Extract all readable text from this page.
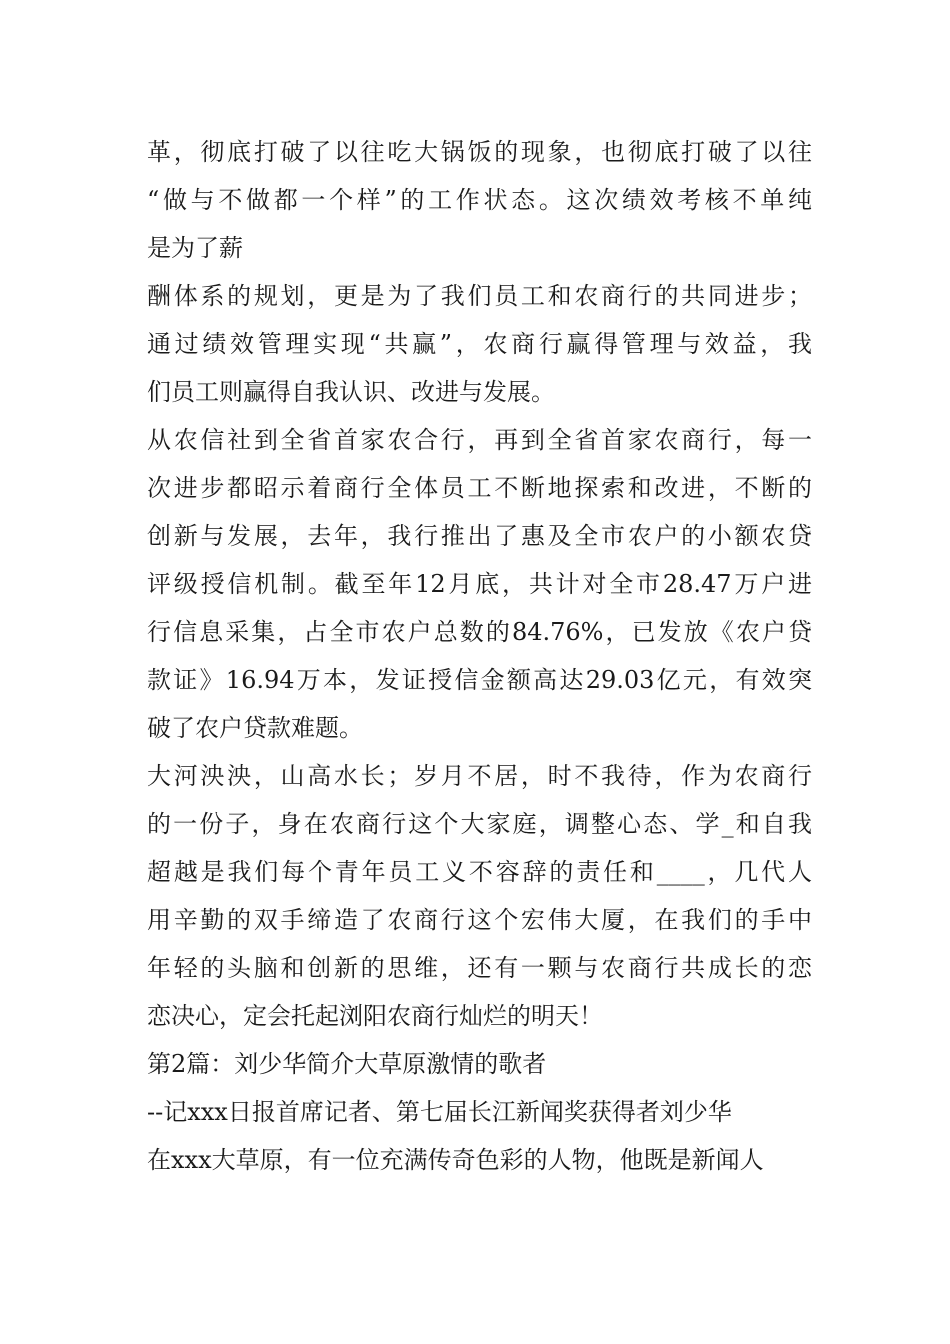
革，彻底打破了以往吃大锅饭的现象，也彻底打破了以往
“做与不做都一个样”的工作状态。这次绩效考核不单纯
是为了薪
酬体系的规划，更是为了我们员工和农商行的共同进步；
通过绩效管理实现“共赢”，农商行赢得管理与效益，我
们员工则赢得自我认识、改进与发展。
从农信社到全省首家农合行，再到全省首家农商行，每一
次进步都昭示着商行全体员工不断地探索和改进，不断的
创新与发展，去年，我行推出了惠及全市农户的小额农贷
评级授信机制。截至年12月底，共计对全市28.47万户进
行信息采集，占全市农户总数的84.76%，已发放《农户贷
款证》16.94万本，发证授信金额高达29.03亿元，有效突
破了农户贷款难题。
大河泱泱，山高水长；岁月不居，时不我待，作为农商行
的一份子，身在农商行这个大家庭，调整心态、学_和自我
超越是我们每个青年员工义不容辞的责任和____，几代人
用辛勤的双手缔造了农商行这个宏伟大厦，在我们的手中
年轻的头脑和创新的思维，还有一颗与农商行共成长的恋
恋决心，定会托起浏阳农商行灿烂的明天！
第2篇：刘少华简介大草原激情的歌者
--记xxx日报首席记者、第七届长江新闻奖获得者刘少华
在xxx大草原，有一位充满传奇色彩的人物，他既是新闻人
